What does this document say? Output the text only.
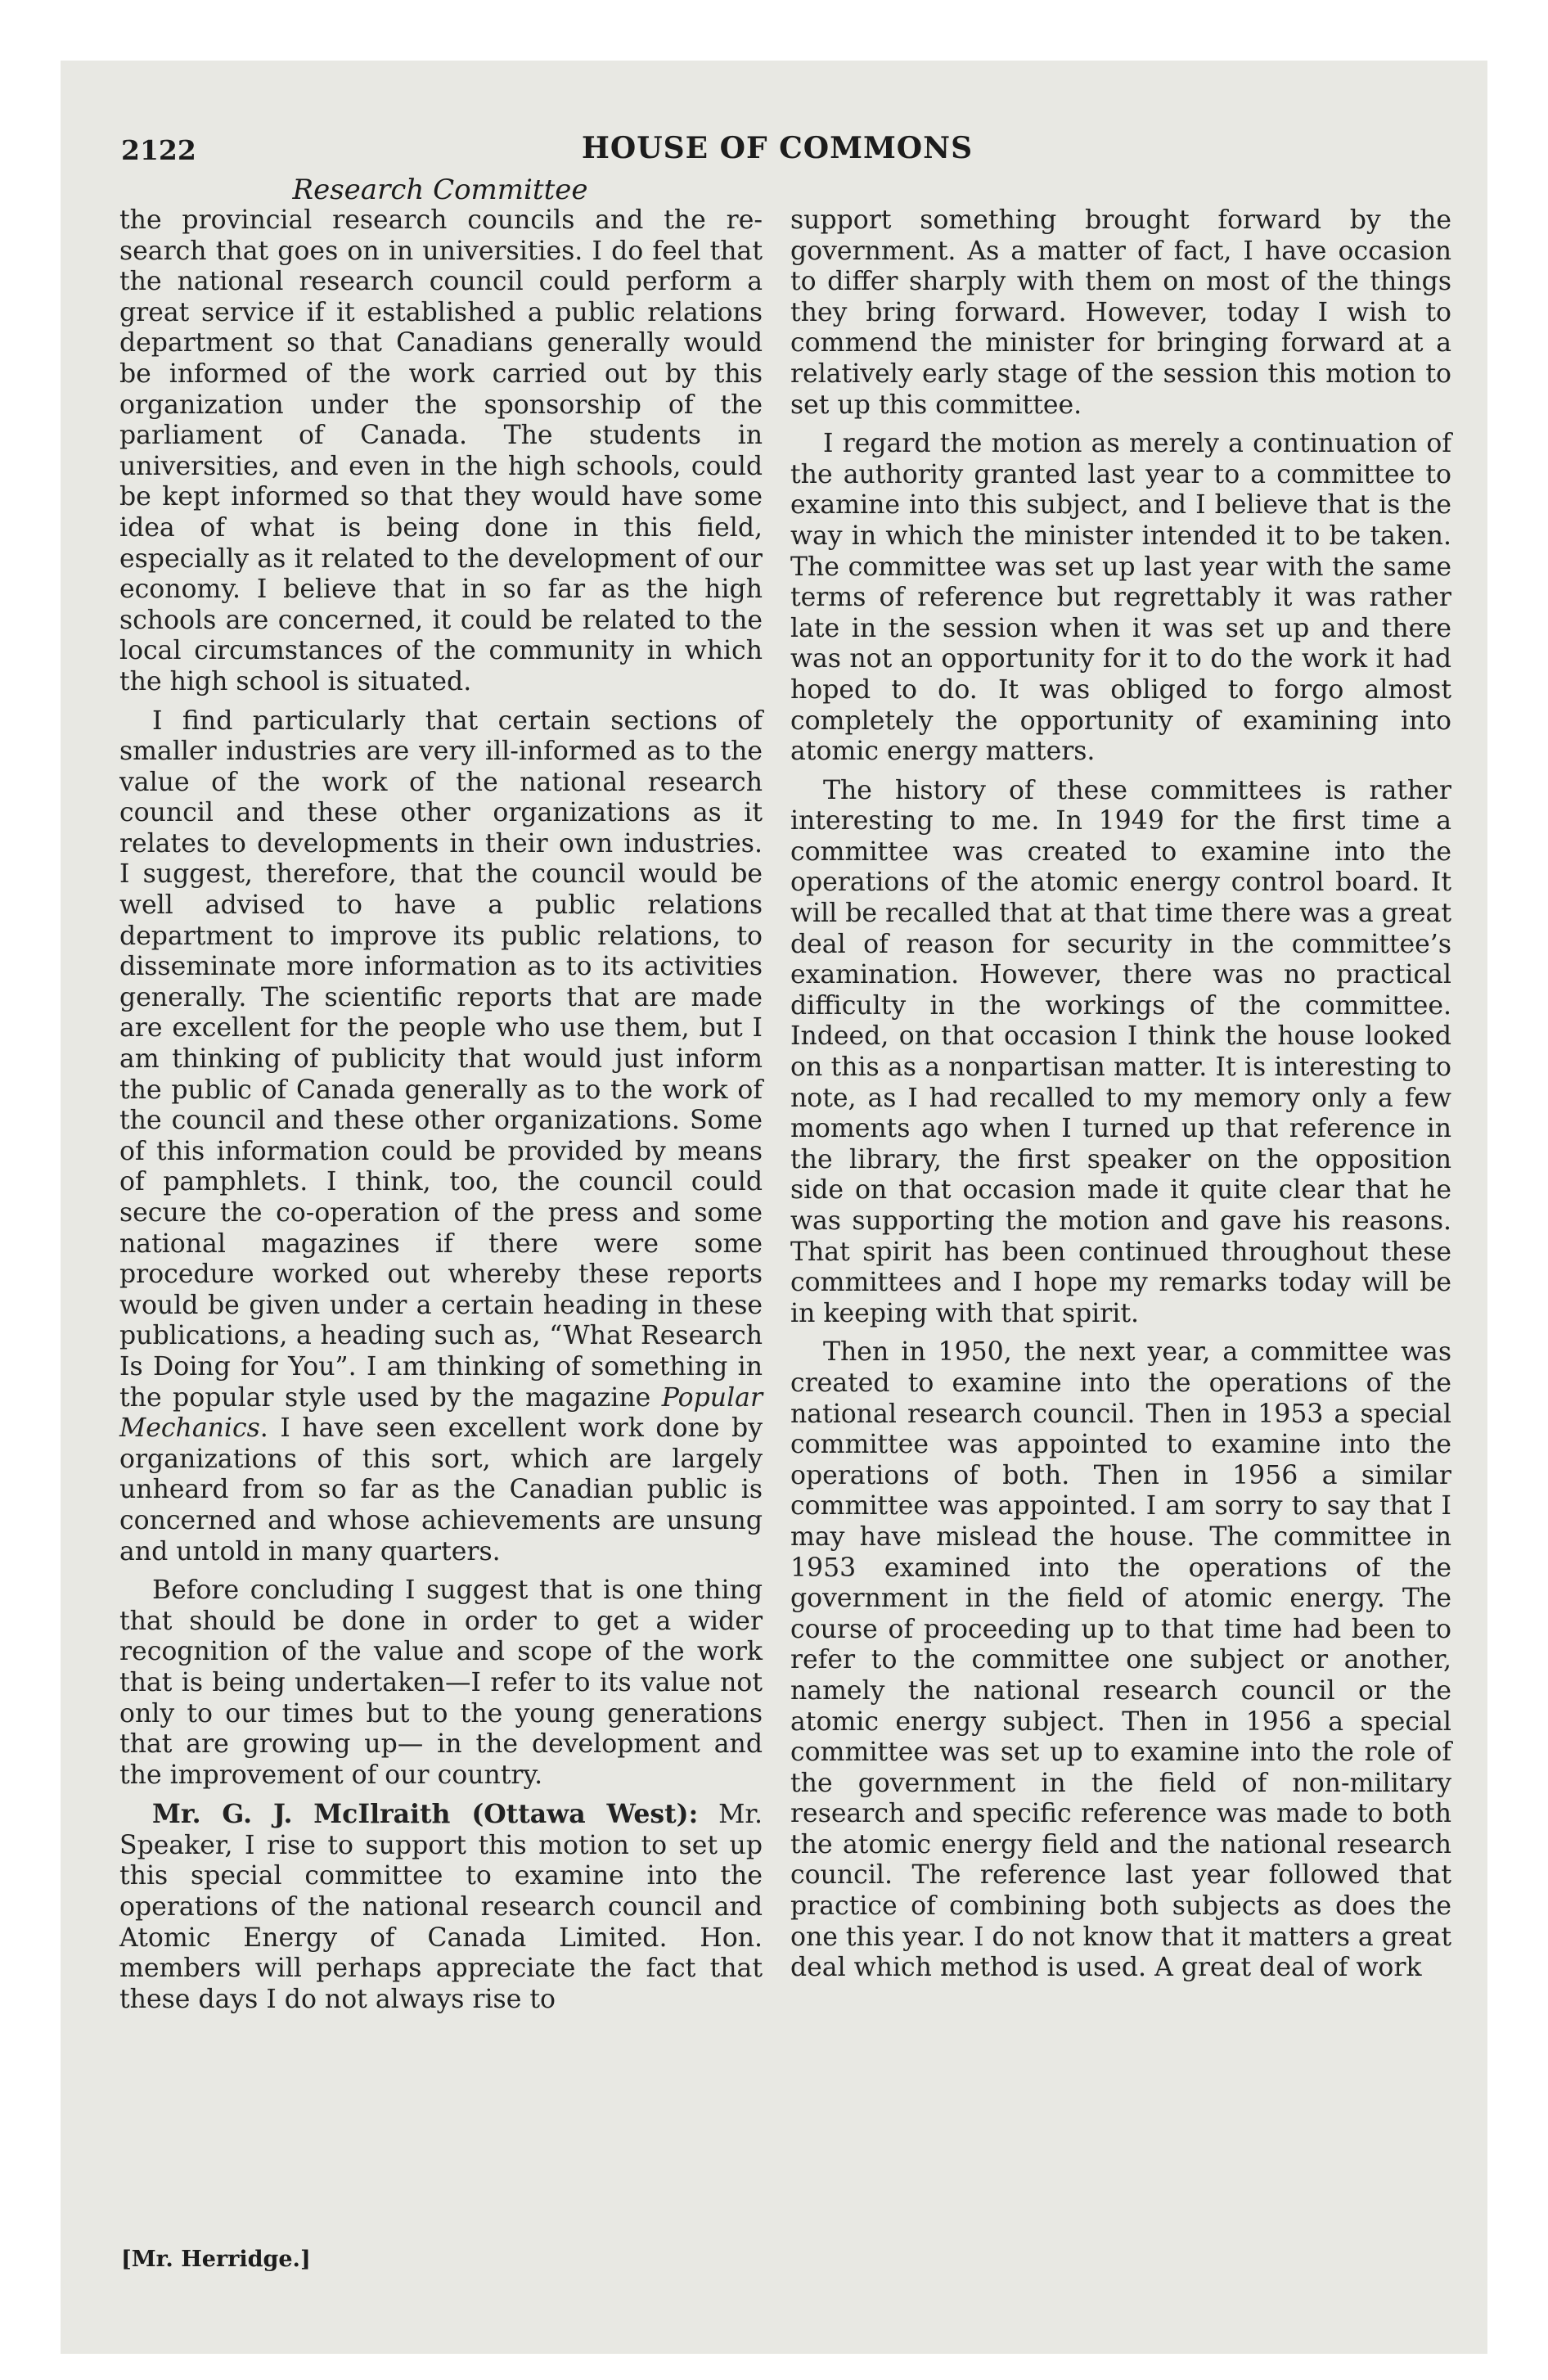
2122	HOUSE OF COMMONS
Research Committee

the provincial research councils and the research that goes on in universities. I do feel that the national research council could perform a great service if it established a public relations department so that Canadians generally would be informed of the work carried out by this organization under the sponsorship of the parliament of Canada. The students in universities, and even in the high schools, could be kept informed so that they would have some idea of what is being done in this field, especially as it related to the development of our economy. I believe that in so far as the high schools are concerned, it could be related to the local circumstances of the community in which the high school is situated.

I find particularly that certain sections of smaller industries are very ill-informed as to the value of the work of the national research council and these other organizations as it relates to developments in their own industries. I suggest, therefore, that the council would be well advised to have a public relations department to improve its public relations, to disseminate more information as to its activities generally. The scientific reports that are made are excellent for the people who use them, but I am thinking of publicity that would just inform the public of Canada generally as to the work of the council and these other organizations. Some of this information could be provided by means of pamphlets. I think, too, the council could secure the co-operation of the press and some national magazines if there were some procedure worked out whereby these reports would be given under a certain heading in these publications, a heading such as, “What Research Is Doing for You”. I am thinking of something in the popular style used by the magazine Popular Mechanics. I have seen excellent work done by organizations of this sort, which are largely unheard from so far as the Canadian public is concerned and whose achievements are unsung and untold in many quarters.

Before concluding I suggest that is one thing that should be done in order to get a wider recognition of the value and scope of the work that is being undertaken—I refer to its value not only to our times but to the young generations that are growing up— in the development and the improvement of our country.

Mr. G. J. McIlraith (Ottawa West): Mr. Speaker, I rise to support this motion to set up this special committee to examine into the operations of the national research council and Atomic Energy of Canada Limited. Hon. members will perhaps appreciate the fact that these days I do not always rise to

support something brought forward by the government. As a matter of fact, I have occasion to differ sharply with them on most of the things they bring forward. However, today I wish to commend the minister for bringing forward at a relatively early stage of the session this motion to set up this committee.

I regard the motion as merely a continuation of the authority granted last year to a committee to examine into this subject, and I believe that is the way in which the minister intended it to be taken. The committee was set up last year with the same terms of reference but regrettably it was rather late in the session when it was set up and there was not an opportunity for it to do the work it had hoped to do. It was obliged to forgo almost completely the opportunity of examining into atomic energy matters.

The history of these committees is rather interesting to me. In 1949 for the first time a committee was created to examine into the operations of the atomic energy control board. It will be recalled that at that time there was a great deal of reason for security in the committee’s examination. However, there was no practical difficulty in the workings of the committee. Indeed, on that occasion I think the house looked on this as a nonpartisan matter. It is interesting to note, as I had recalled to my memory only a few moments ago when I turned up that reference in the library, the first speaker on the opposition side on that occasion made it quite clear that he was supporting the motion and gave his reasons. That spirit has been continued throughout these committees and I hope my remarks today will be in keeping with that spirit.

Then in 1950, the next year, a committee was created to examine into the operations of the national research council. Then in 1953 a special committee was appointed to examine into the operations of both. Then in 1956 a similar committee was appointed. I am sorry to say that I may have mislead the house. The committee in 1953 examined into the operations of the government in the field of atomic energy. The course of proceeding up to that time had been to refer to the committee one subject or another, namely the national research council or the atomic energy subject. Then in 1956 a special committee was set up to examine into the role of the government in the field of non-military research and specific reference was made to both the atomic energy field and the national research council. The reference last year followed that practice of combining both subjects as does the one this year. I do not know that it matters a great deal which method is used. A great deal of work

[Mr. Herridge.]
